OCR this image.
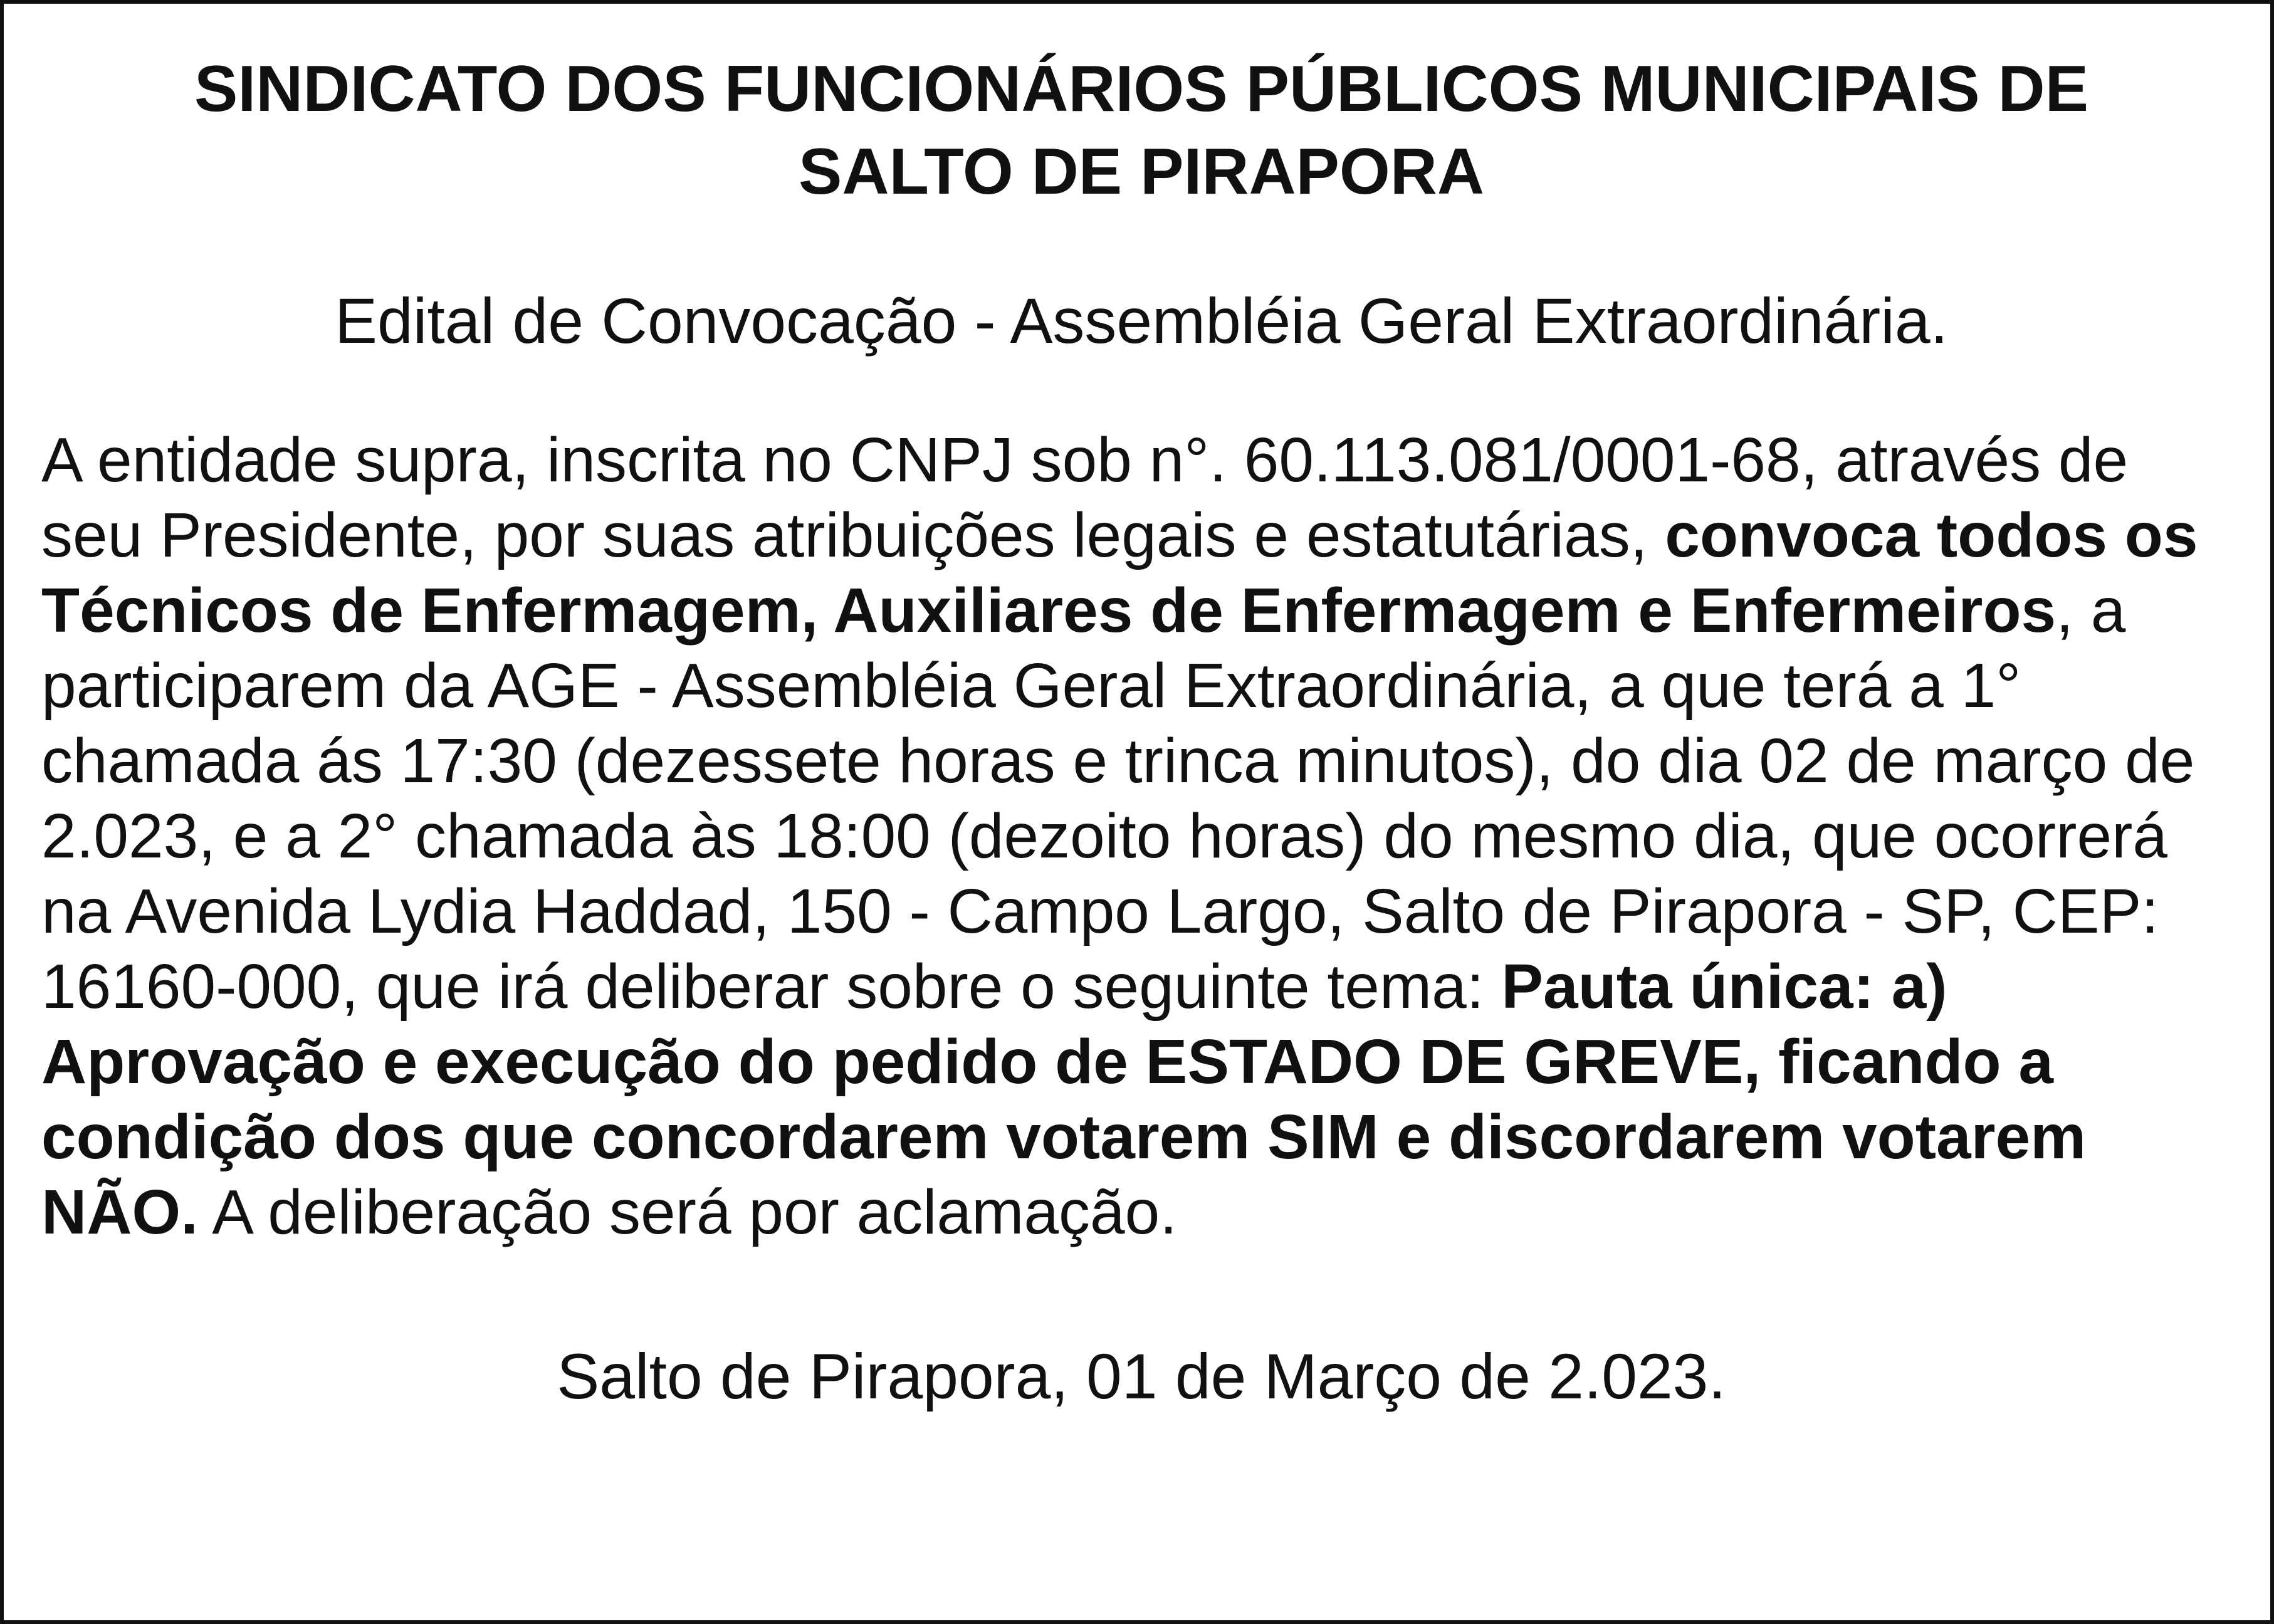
SINDICATO DOS FUNCIONÁRIOS PÚBLICOS MUNICIPAIS DE
SALTO DE PIRAPORA

Edital de Convocação - Assembléia Geral Extraordinária.

A entidade supra, inscrita no CNPJ sob n°. 60.113.081/0001-68, através de seu Presidente, por suas atribuições legais e estatutárias, convoca todos os Técnicos de Enfermagem, Auxiliares de Enfermagem e Enfermeiros, a participarem da AGE - Assembléia Geral Extraordinária, a que terá a 1° chamada ás 17:30 (dezessete horas e trinca minutos), do dia 02 de março de 2.023, e a 2° chamada às 18:00 (dezoito horas) do mesmo dia, que ocorrerá na Avenida Lydia Haddad, 150 - Campo Largo, Salto de Pirapora - SP, CEP: 16160-000, que irá deliberar sobre o seguinte tema: Pauta única: a) Aprovação e execução do pedido de ESTADO DE GREVE, ficando a condição dos que concordarem votarem SIM e discordarem votarem NÃO. A deliberação será por aclamação.

Salto de Pirapora, 01 de Março de 2.023.
